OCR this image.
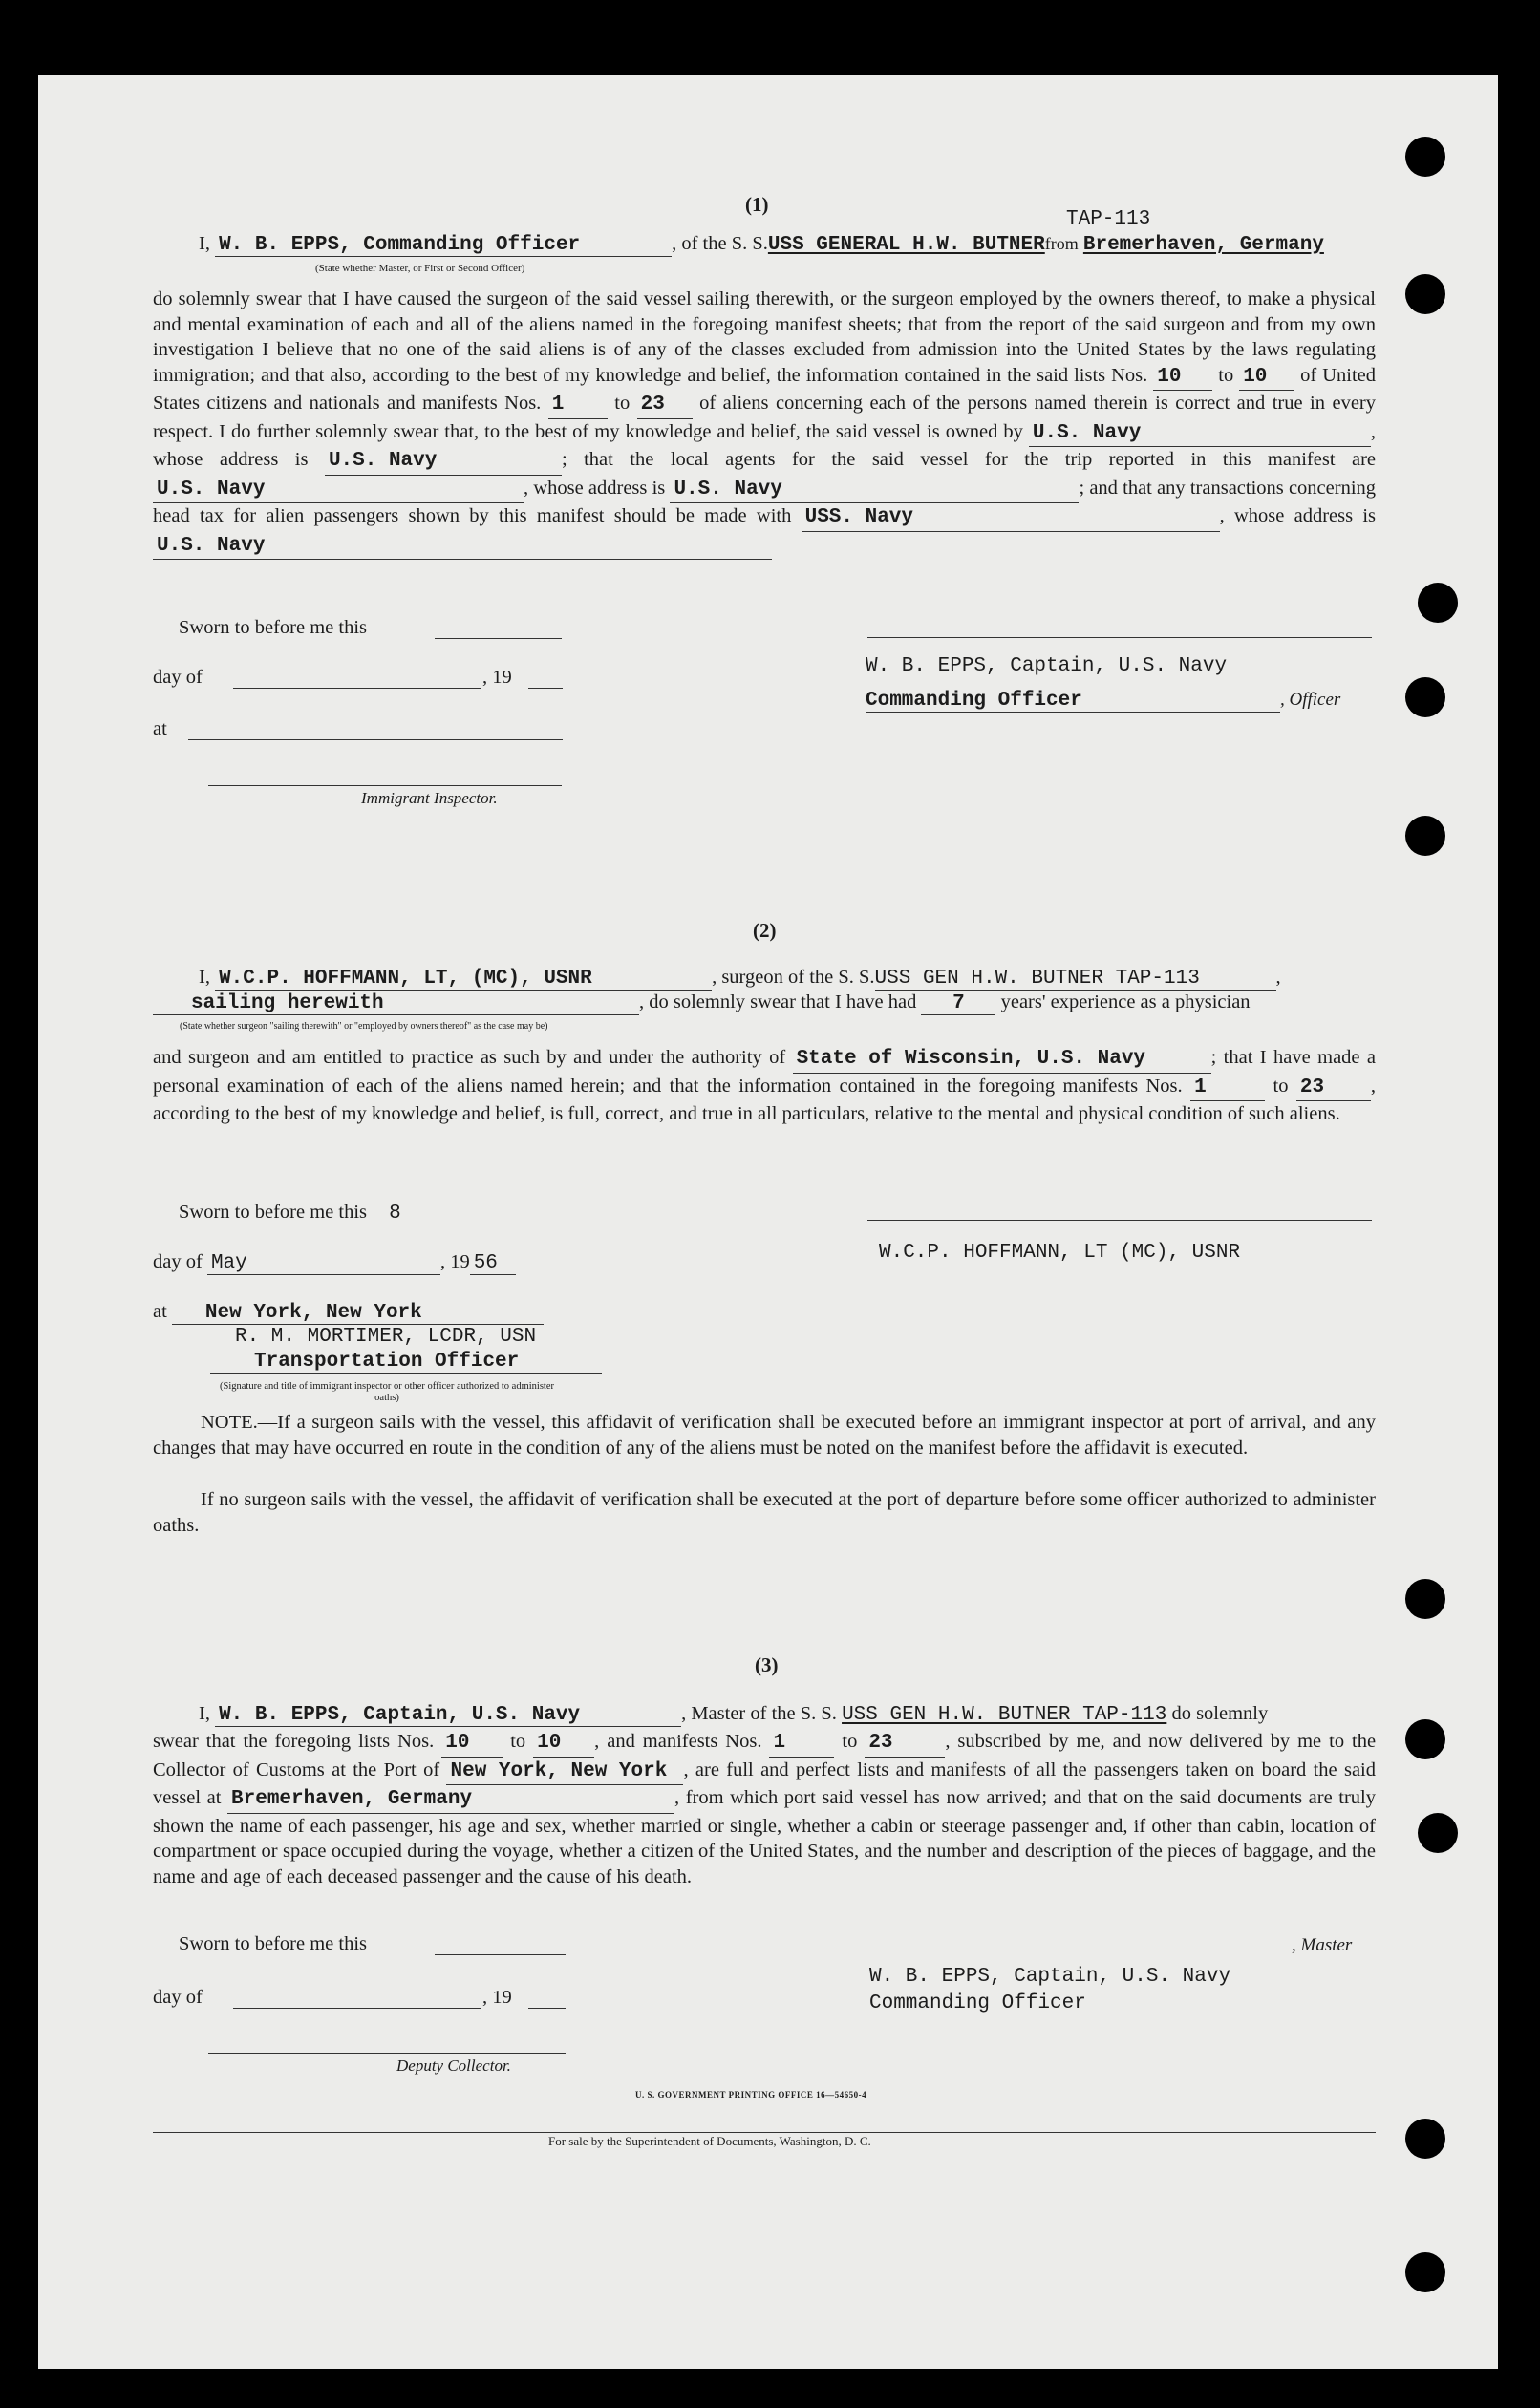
(1)
TAP-113
I, W. B. EPPS, Commanding Officer	, of the S. S.USS GENERAL H.W. BUTNERfrom Bremerhaven, Germany
(State whether Master, or First or Second Officer)
do solemnly swear that I have caused the surgeon of the said vessel sailing therewith, or the surgeon employed by the owners thereof, to make a physical and mental examination of each and all of the aliens named in the foregoing manifest sheets; that from the report of the said surgeon and from my own investigation I believe that no one of the said aliens is of any of the classes excluded from admission into the United States by the laws regulating immigration; and that also, according to the best of my knowledge and belief, the information contained in the said lists Nos. 10 to 10 of United States citizens and nationals and manifests Nos. 1	to 23 of aliens concerning each of the persons named therein is correct and true in every respect. I do further solemnly swear that, to the best of my knowledge and belief, the said vessel is owned by U.S. Navy	, whose address is U.S. Navy	; that the local agents for the said vessel for the trip reported in this manifest are U.S. Navy	, whose address is U.S. Navy	; and that any transactions concerning head tax for alien passengers shown by this manifest should be made with USS. Navy	, whose address is U.S. Navy
Sworn to before me this
day of	, 19
at
Immigrant Inspector.
W. B. EPPS, Captain, U.S. Navy
Commanding Officer	, Officer
(2)
I, W.C.P. HOFFMANN, LT, (MC), USNR	, surgeon of the S. S.USS GEN H.W. BUTNER TAP-113	,
sailing herewith	, do solemnly swear that I have had 7 years' experience as a physician
(State whether surgeon "sailing therewith" or "employed by owners thereof" as the case may be)
and surgeon and am entitled to practice as such by and under the authority of State of Wisconsin, U.S. Navy	; that I have made a personal examination of each of the aliens named herein; and that the information contained in the foregoing manifests Nos. 1	to 23 , according to the best of my knowledge and belief, is full, correct, and true in all particulars, relative to the mental and physical condition of such aliens.
Sworn to before me this 8
day of May	, 19 56
at New York, New York
R. M. MORTIMER, LCDR, USN
Transportation Officer
(Signature and title of immigrant inspector or other officer authorized to administer oaths)
W.C.P. HOFFMANN, LT (MC), USNR
NOTE.—If a surgeon sails with the vessel, this affidavit of verification shall be executed before an immigrant inspector at port of arrival, and any changes that may have occurred en route in the condition of any of the aliens must be noted on the manifest before the affidavit is executed.
If no surgeon sails with the vessel, the affidavit of verification shall be executed at the port of departure before some officer authorized to administer oaths.
(3)
I, W. B. EPPS, Captain, U.S. Navy	, Master of the S. S. USS GEN H.W. BUTNER TAP-113 do solemnly
swear that the foregoing lists Nos. 10 to 10 , and manifests Nos. 1	to 23	, subscribed by me, and now delivered by me to the Collector of Customs at the Port of New York, New York , are full and perfect lists and manifests of all the passengers taken on board the said vessel at Bremerhaven, Germany	, from which port said vessel has now arrived; and that on the said documents are truly shown the name of each passenger, his age and sex, whether married or single, whether a cabin or steerage passenger and, if other than cabin, location of compartment or space occupied during the voyage, whether a citizen of the United States, and the number and description of the pieces of baggage, and the name and age of each deceased passenger and the cause of his death.
Sworn to before me this
day of	, 19
Deputy Collector.
, Master
W. B. EPPS, Captain, U.S. Navy
Commanding Officer
U. S. GOVERNMENT PRINTING OFFICE 16—54650-4
For sale by the Superintendent of Documents, Washington, D. C.
